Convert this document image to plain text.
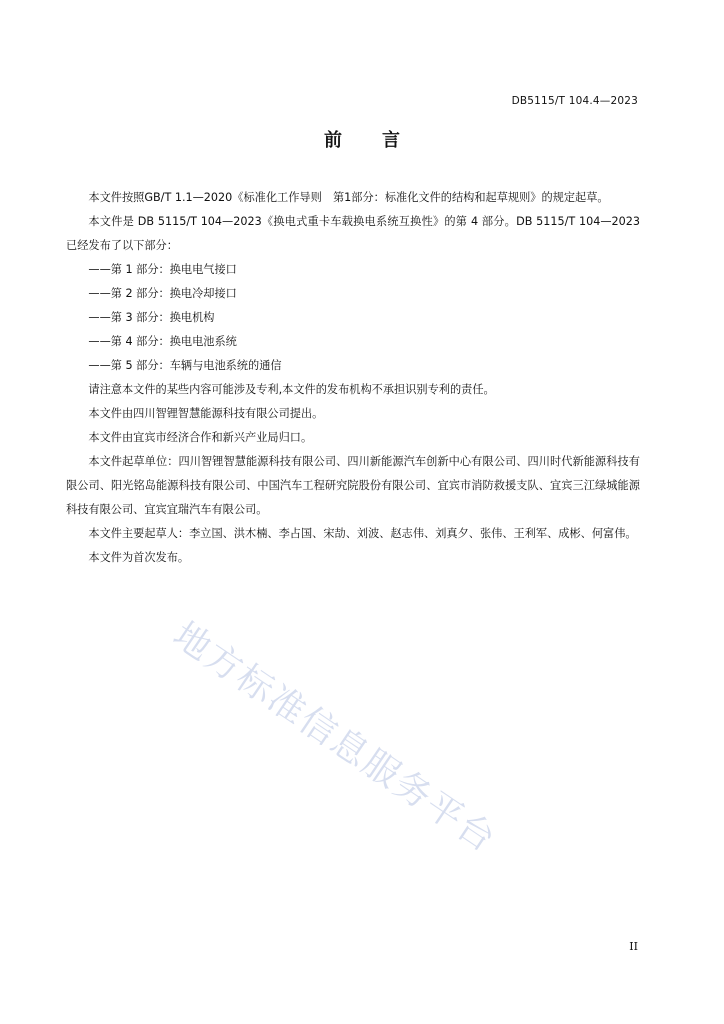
DB5115/T 104.4—2023
前言

本文件按照GB/T 1.1—2020《标准化工作导则　第1部分：标准化文件的结构和起草规则》的规定起草。

本文件是 DB 5115/T 104—2023《换电式重卡车载换电系统互换性》的第 4 部分。DB 5115/T 104—2023已经发布了以下部分：

——第 1 部分：换电电气接口

——第 2 部分：换电冷却接口

——第 3 部分：换电机构

——第 4 部分：换电电池系统

——第 5 部分：车辆与电池系统的通信

请注意本文件的某些内容可能涉及专利,本文件的发布机构不承担识别专利的责任。

本文件由四川智锂智慧能源科技有限公司提出。

本文件由宜宾市经济合作和新兴产业局归口。

本文件起草单位：四川智锂智慧能源科技有限公司、四川新能源汽车创新中心有限公司、四川时代新能源科技有限公司、阳光铭岛能源科技有限公司、中国汽车工程研究院股份有限公司、宜宾市消防救援支队、宜宾三江绿城能源科技有限公司、宜宾宜瑞汽车有限公司。

本文件主要起草人：李立国、洪木楠、李占国、宋劼、刘波、赵志伟、刘真夕、张伟、王利军、成彬、何富伟。

本文件为首次发布。

地方标准信息服务平台
II
